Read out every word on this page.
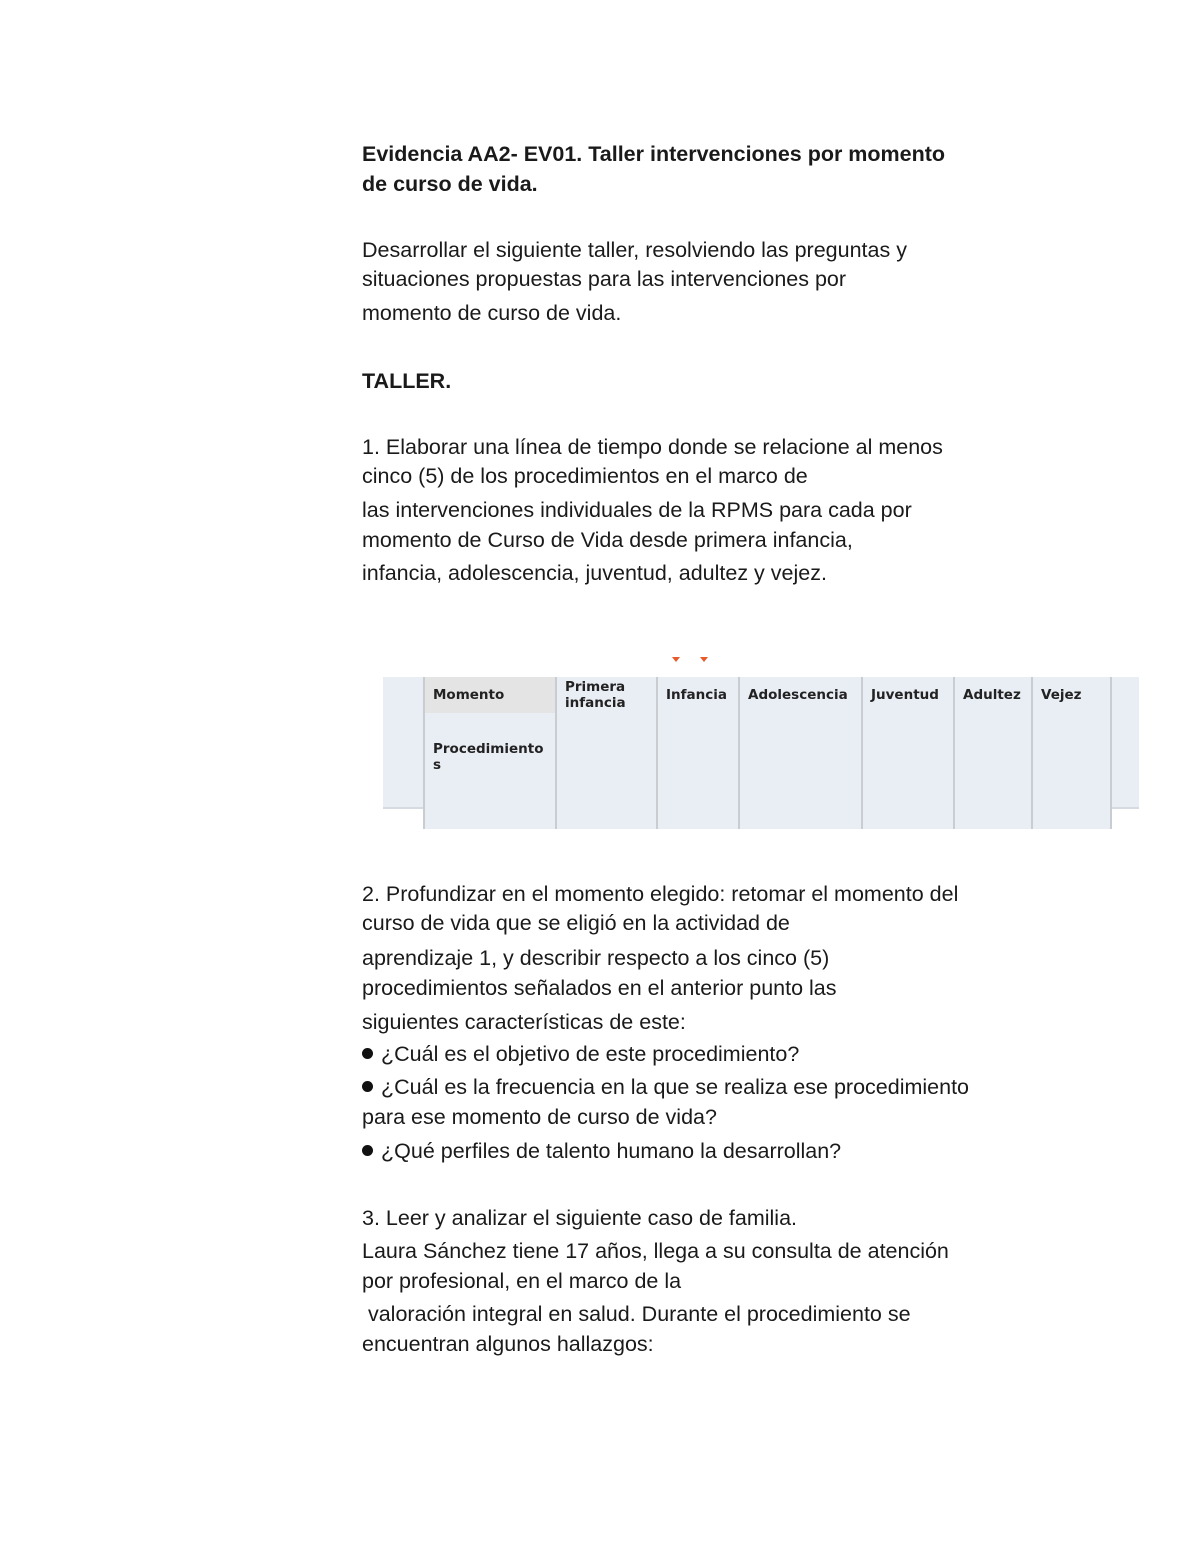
Evidencia AA2- EV01. Taller intervenciones por momento
de curso de vida.
Desarrollar el siguiente taller, resolviendo las preguntas y
situaciones propuestas para las intervenciones por
momento de curso de vida.
TALLER.
1. Elaborar una línea de tiempo donde se relacione al menos
cinco (5) de los procedimientos en el marco de
las intervenciones individuales de la RPMS para cada por
momento de Curso de Vida desde primera infancia,
infancia, adolescencia, juventud, adultez y vejez.
Momento	Primera infancia	Infancia	Adolescencia	Juventud	Adultez	Vejez
Procedimientos						
2. Profundizar en el momento elegido: retomar el momento del
curso de vida que se eligió en la actividad de
aprendizaje 1, y describir respecto a los cinco (5)
procedimientos señalados en el anterior punto las
siguientes características de este:
¿Cuál es el objetivo de este procedimiento?
¿Cuál es la frecuencia en la que se realiza ese procedimiento
para ese momento de curso de vida?
¿Qué perfiles de talento humano la desarrollan?
3. Leer y analizar el siguiente caso de familia.
Laura Sánchez tiene 17 años, llega a su consulta de atención
por profesional, en el marco de la
valoración integral en salud. Durante el procedimiento se
encuentran algunos hallazgos:
